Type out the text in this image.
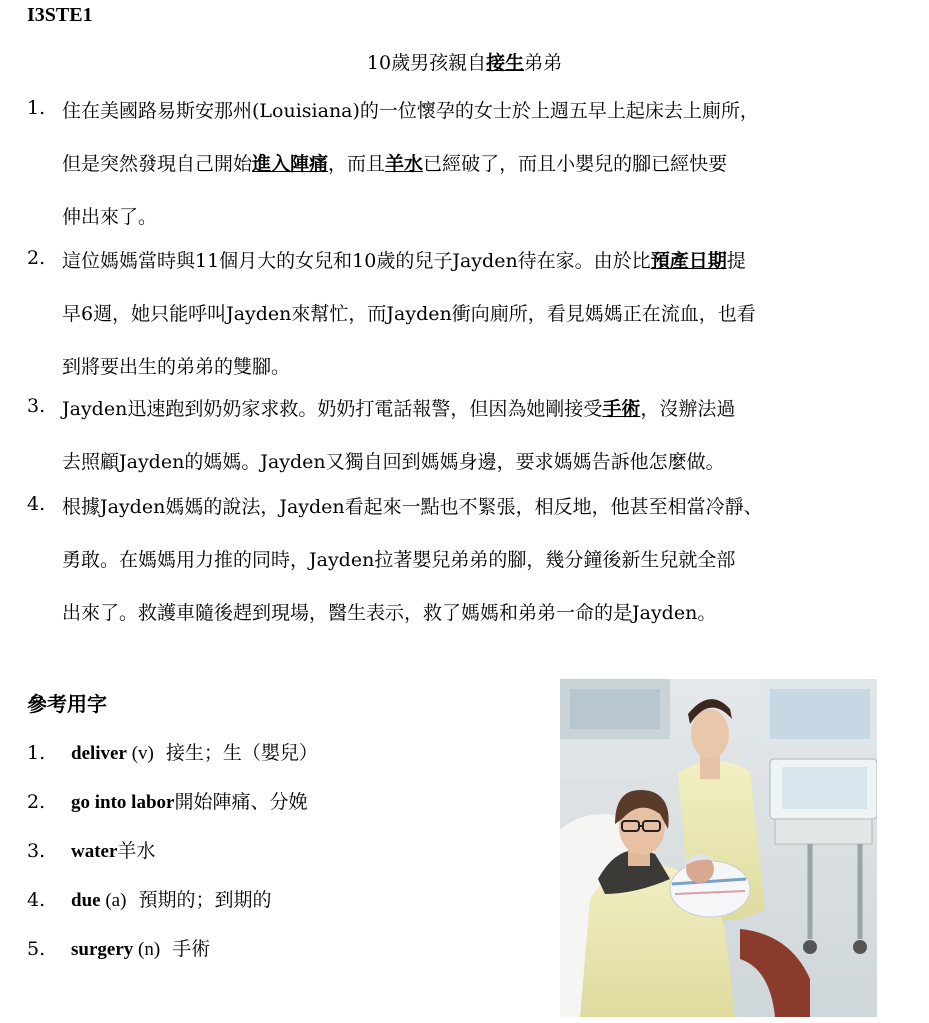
I3STE1
10歲男孩親自接生弟弟
1. 住在美國路易斯安那州(Louisiana)的一位懷孕的女士於上週五早上起床去上廁所，
但是突然發現自己開始進入陣痛，而且羊水已經破了，而且小嬰兒的腳已經快要
伸出來了。
2. 這位媽媽當時與11個月大的女兒和10歲的兒子Jayden待在家。由於比預產日期提
早6週，她只能呼叫Jayden來幫忙，而Jayden衝向廁所，看見媽媽正在流血，也看
到將要出生的弟弟的雙腳。
3. Jayden迅速跑到奶奶家求救。奶奶打電話報警，但因為她剛接受手術，沒辦法過
去照顧Jayden的媽媽。Jayden又獨自回到媽媽身邊，要求媽媽告訴他怎麼做。
4. 根據Jayden媽媽的說法，Jayden看起來一點也不緊張，相反地，他甚至相當冷靜、
勇敢。在媽媽用力推的同時，Jayden拉著嬰兒弟弟的腳，幾分鐘後新生兒就全部
出來了。救護車隨後趕到現場，醫生表示，救了媽媽和弟弟一命的是Jayden。
參考用字
1. deliver (v)  接生；生（嬰兒）
2. go into labor開始陣痛、分娩
3. water羊水
4. due (a)  預期的；到期的
5. surgery (n)  手術
